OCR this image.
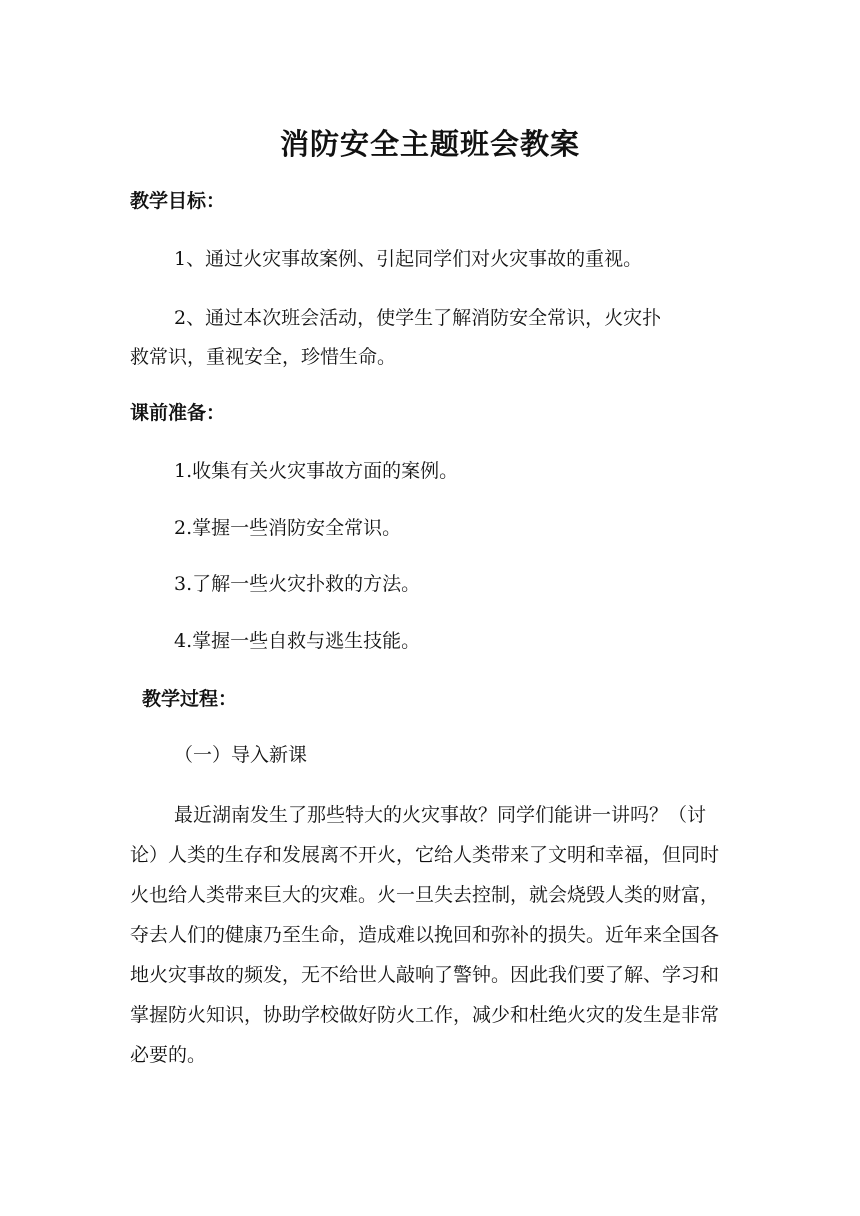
消防安全主题班会教案
教学目标：
1、通过火灾事故案例、引起同学们对火灾事故的重视。
2、通过本次班会活动，使学生了解消防安全常识，火灾扑
救常识，重视安全，珍惜生命。
课前准备：
1.收集有关火灾事故方面的案例。
2.掌握一些消防安全常识。
3.了解一些火灾扑救的方法。
4.掌握一些自救与逃生技能。
教学过程：
（一）导入新课
最近湖南发生了那些特大的火灾事故？同学们能讲一讲吗？（讨论）人类的生存和发展离不开火，它给人类带来了文明和幸福，但同时火也给人类带来巨大的灾难。火一旦失去控制，就会烧毁人类的财富，夺去人们的健康乃至生命，造成难以挽回和弥补的损失。近年来全国各地火灾事故的频发，无不给世人敲响了警钟。因此我们要了解、学习和掌握防火知识，协助学校做好防火工作，减少和杜绝火灾的发生是非常必要的。
